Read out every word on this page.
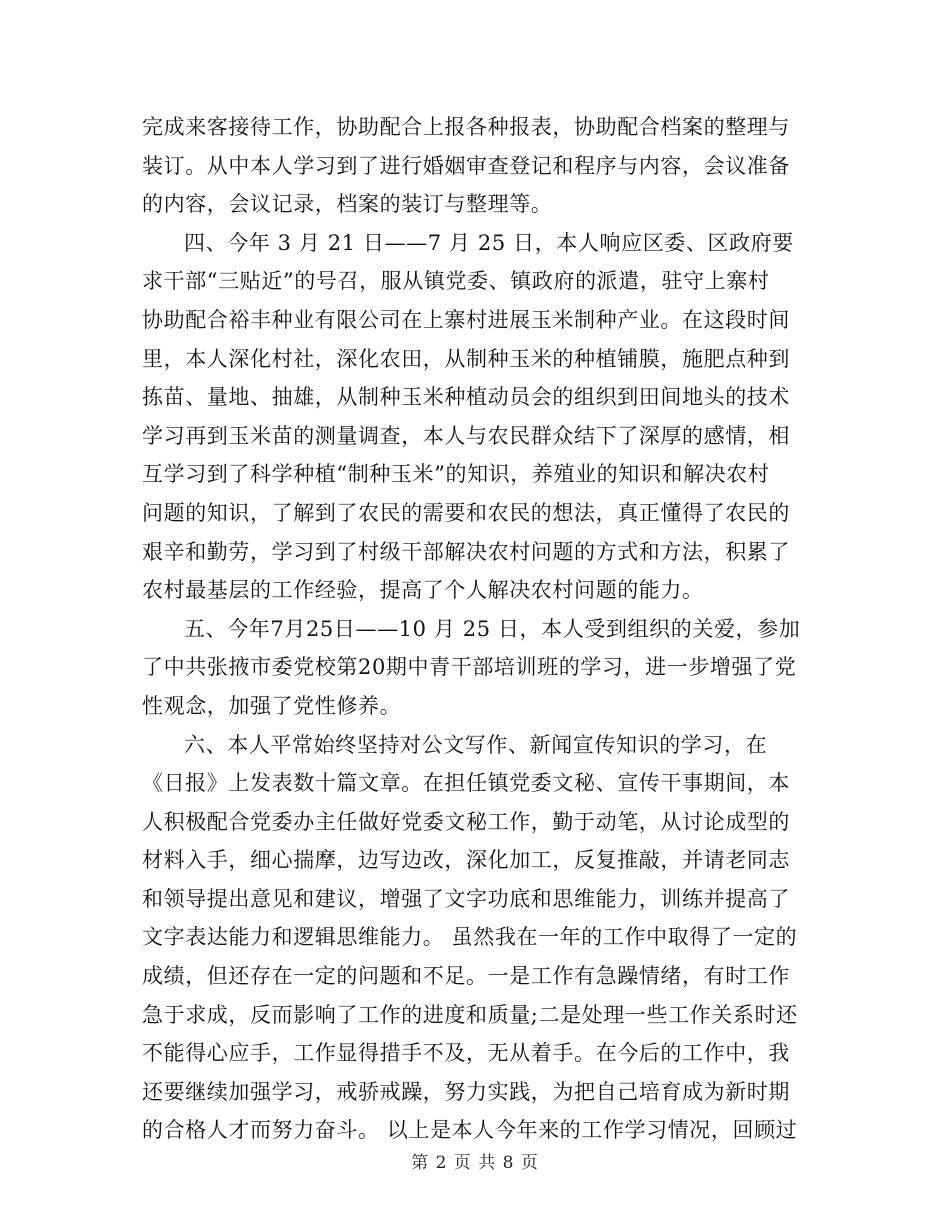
完成来客接待工作，协助配合上报各种报表，协助配合档案的整理与
装订。从中本人学习到了进行婚姻审查登记和程序与内容，会议准备
的内容，会议记录，档案的装订与整理等。
四、今年 3 月 21 日——7 月 25 日，本人响应区委、区政府要
求干部“三贴近”的号召，服从镇党委、镇政府的派遣，驻守上寨村
协助配合裕丰种业有限公司在上寨村进展玉米制种产业。在这段时间
里，本人深化村社，深化农田，从制种玉米的种植铺膜，施肥点种到
拣苗、量地、抽雄，从制种玉米种植动员会的组织到田间地头的技术
学习再到玉米苗的测量调查，本人与农民群众结下了深厚的感情，相
互学习到了科学种植“制种玉米”的知识，养殖业的知识和解决农村
问题的知识，了解到了农民的需要和农民的想法，真正懂得了农民的
艰辛和勤劳，学习到了村级干部解决农村问题的方式和方法，积累了
农村最基层的工作经验，提高了个人解决农村问题的能力。
五、今年7月25日——10 月 25 日，本人受到组织的关爱，参加
了中共张掖市委党校第20期中青干部培训班的学习，进一步增强了党
性观念，加强了党性修养。
六、本人平常始终坚持对公文写作、新闻宣传知识的学习，在
《日报》上发表数十篇文章。在担任镇党委文秘、宣传干事期间，本
人积极配合党委办主任做好党委文秘工作，勤于动笔，从讨论成型的
材料入手，细心揣摩，边写边改，深化加工，反复推敲，并请老同志
和领导提出意见和建议，增强了文字功底和思维能力，训练并提高了
文字表达能力和逻辑思维能力。 虽然我在一年的工作中取得了一定的
成绩，但还存在一定的问题和不足。一是工作有急躁情绪，有时工作
急于求成，反而影响了工作的进度和质量;二是处理一些工作关系时还
不能得心应手，工作显得措手不及，无从着手。在今后的工作中，我
还要继续加强学习，戒骄戒躁，努力实践，为把自己培育成为新时期
的合格人才而努力奋斗。 以上是本人今年来的工作学习情况，回顾过
第 2 页 共 8 页
